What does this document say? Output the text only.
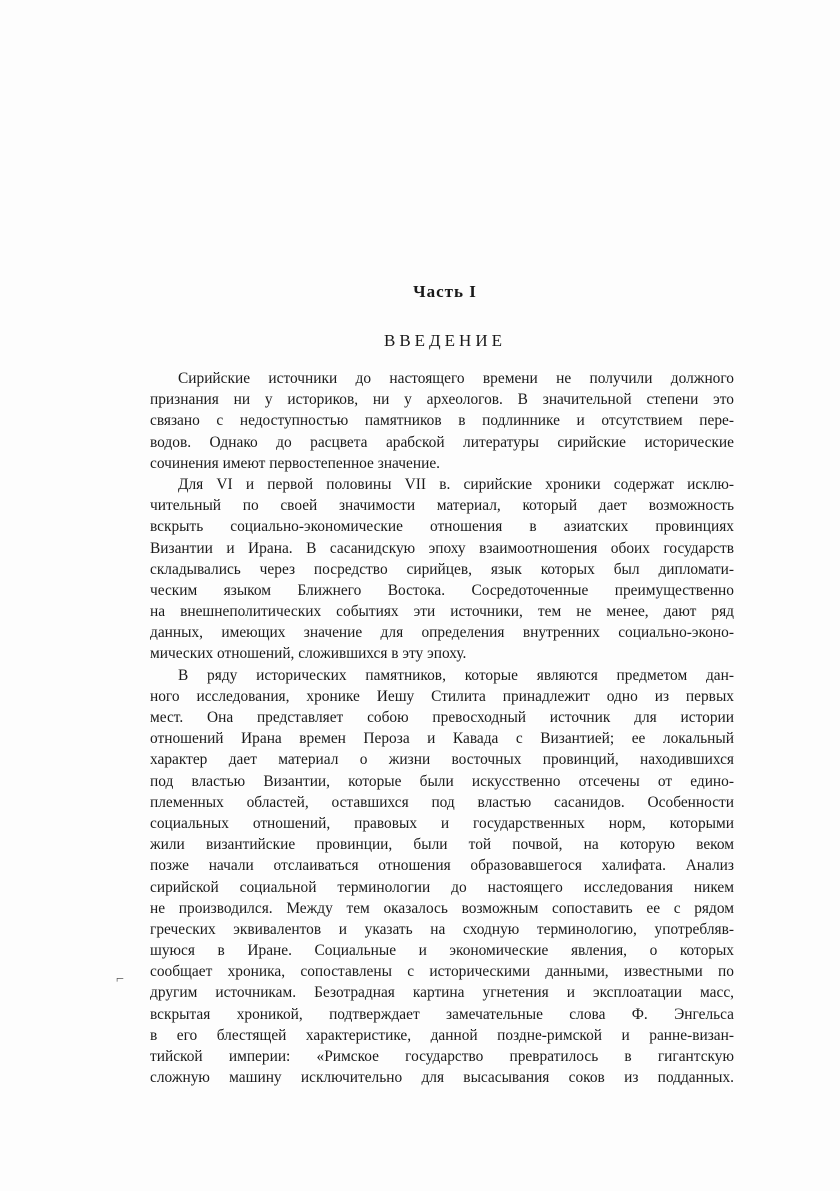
Часть I
ВВЕДЕНИЕ
Сирийские источники до настоящего времени не получили должного
признания ни у историков, ни у археологов. В значительной степени это
связано с недоступностью памятников в подлиннике и отсутствием пере-
водов. Однако до расцвета арабской литературы сирийские исторические
сочинения имеют первостепенное значение.
Для VI и первой половины VII в. сирийские хроники содержат исклю-
чительный по своей значимости материал, который дает возможность
вскрыть социально-экономические отношения в азиатских провинциях
Византии и Ирана. В сасанидскую эпоху взаимоотношения обоих государств
складывались через посредство сирийцев, язык которых был дипломати-
ческим языком Ближнего Востока. Сосредоточенные преимущественно
на внешнеполитических событиях эти источники, тем не менее, дают ряд
данных, имеющих значение для определения внутренних социально-эконо-
мических отношений, сложившихся в эту эпоху.
В ряду исторических памятников, которые являются предметом дан-
ного исследования, хронике Иешу Стилита принадлежит одно из первых
мест. Она представляет собою превосходный источник для истории
отношений Ирана времен Пероза и Кавада с Византией; ее локальный
характер дает материал о жизни восточных провинций, находившихся
под властью Византии, которые были искусственно отсечены от едино-
племенных областей, оставшихся под властью сасанидов. Особенности
социальных отношений, правовых и государственных норм, которыми
жили византийские провинции, были той почвой, на которую веком
позже начали отслаиваться отношения образовавшегося халифата. Анализ
сирийской социальной терминологии до настоящего исследования никем
не производился. Между тем оказалось возможным сопоставить ее с рядом
греческих эквивалентов и указать на сходную терминологию, употребляв-
шуюся в Иране. Социальные и экономические явления, о которых
сообщает хроника, сопоставлены с историческими данными, известными по
другим источникам. Безотрадная картина угнетения и эксплоатации масс,
вскрытая хроникой, подтверждает замечательные слова Ф. Энгельса
в его блестящей характеристике, данной поздне-римской и ранне-визан-
тийской империи: «Римское государство превратилось в гигантскую
сложную машину исключительно для высасывания соков из подданных.
⌐
